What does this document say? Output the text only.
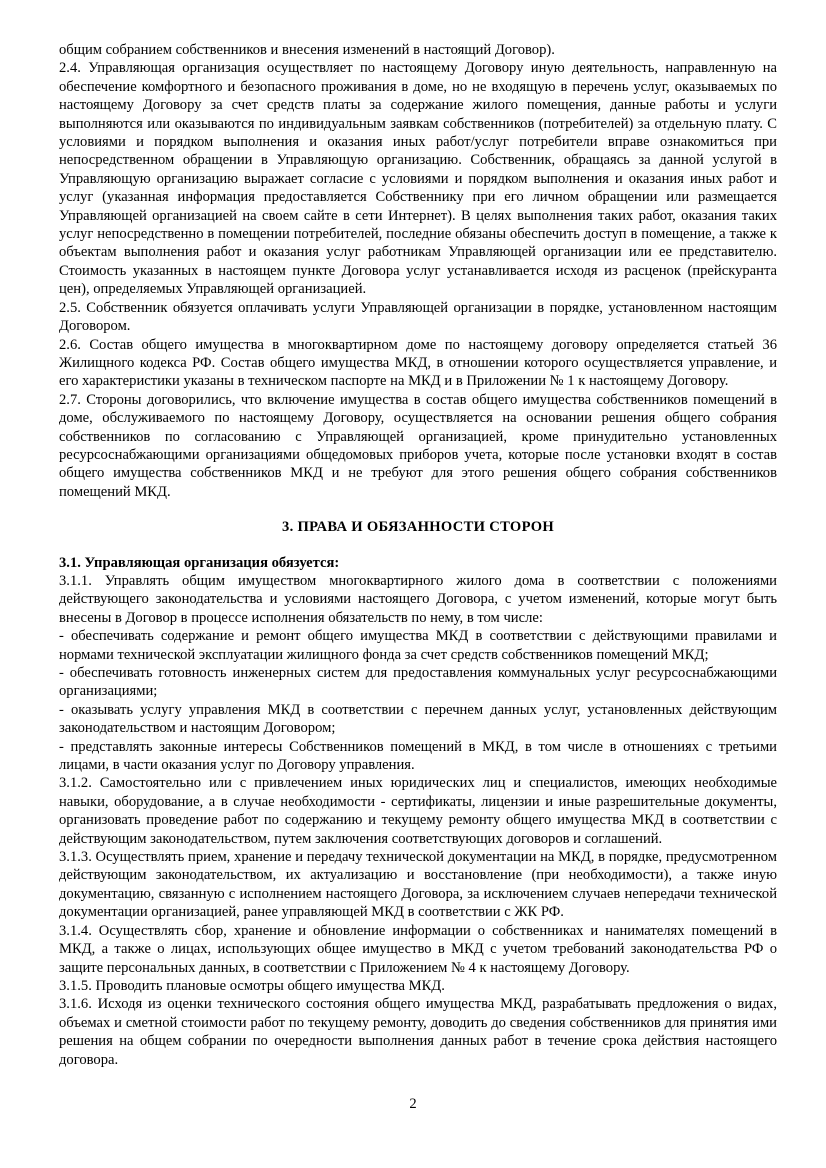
общим собранием собственников и внесения изменений в настоящий Договор).

2.4. Управляющая организация осуществляет по настоящему Договору иную деятельность, направленную на обеспечение комфортного и безопасного проживания в доме, но не входящую в перечень услуг, оказываемых по настоящему Договору за счет средств платы за содержание жилого помещения, данные работы и услуги выполняются или оказываются по индивидуальным заявкам собственников (потребителей) за отдельную плату. С условиями и порядком выполнения и оказания иных работ/услуг потребители вправе ознакомиться при непосредственном обращении в Управляющую организацию. Собственник, обращаясь за данной услугой в Управляющую организацию выражает согласие с условиями и порядком выполнения и оказания иных работ и услуг (указанная информация предоставляется Собственнику при его личном обращении или размещается Управляющей организацией на своем сайте в сети Интернет). В целях выполнения таких работ, оказания таких услуг непосредственно в помещении потребителей, последние обязаны обеспечить доступ в помещение, а также к объектам выполнения работ и оказания услуг работникам Управляющей организации или ее представителю. Стоимость указанных в настоящем пункте Договора услуг устанавливается исходя из расценок (прейскуранта цен), определяемых Управляющей организацией.

2.5. Собственник обязуется оплачивать услуги Управляющей организации в порядке, установленном настоящим Договором.

2.6. Состав общего имущества в многоквартирном доме по настоящему договору определяется статьей 36 Жилищного кодекса РФ. Состав общего имущества МКД, в отношении которого осуществляется управление, и его характеристики указаны в техническом паспорте на МКД и в Приложении № 1 к настоящему Договору.

2.7. Стороны договорились, что включение имущества в состав общего имущества собственников помещений в доме, обслуживаемого по настоящему Договору, осуществляется на основании решения общего собрания собственников по согласованию с Управляющей организацией, кроме принудительно установленных ресурсоснабжающими организациями общедомовых приборов учета, которые после установки входят в состав общего имущества собственников МКД и не требуют для этого решения общего собрания собственников помещений МКД.

3. ПРАВА И ОБЯЗАННОСТИ СТОРОН

3.1. Управляющая организация обязуется:

3.1.1. Управлять общим имуществом многоквартирного жилого дома в соответствии с положениями действующего законодательства и условиями настоящего Договора, с учетом изменений, которые могут быть внесены в Договор в процессе исполнения обязательств по нему, в том числе:

- обеспечивать содержание и ремонт общего имущества МКД в соответствии с действующими правилами и нормами технической эксплуатации жилищного фонда за счет средств собственников помещений МКД;

- обеспечивать готовность инженерных систем для предоставления коммунальных услуг ресурсоснабжающими организациями;

- оказывать услугу управления МКД в соответствии с перечнем данных услуг, установленных действующим законодательством и настоящим Договором;

- представлять законные интересы Собственников помещений в МКД, в том числе в отношениях с третьими лицами, в части оказания услуг по Договору управления.

3.1.2. Самостоятельно или с привлечением иных юридических лиц и специалистов, имеющих необходимые навыки, оборудование, а в случае необходимости - сертификаты, лицензии и иные разрешительные документы, организовать проведение работ по содержанию и текущему ремонту общего имущества МКД в соответствии с действующим законодательством, путем заключения соответствующих договоров и соглашений.

3.1.3. Осуществлять прием, хранение и передачу технической документации на МКД, в порядке, предусмотренном действующим законодательством, их актуализацию и восстановление (при необходимости), а также иную документацию, связанную с исполнением настоящего Договора, за исключением случаев непередачи технической документации организацией, ранее управляющей МКД в соответствии с ЖК РФ.

3.1.4. Осуществлять сбор, хранение и обновление информации о собственниках и нанимателях помещений в МКД, а также о лицах, использующих общее имущество в МКД с учетом требований законодательства РФ о защите персональных данных, в соответствии с Приложением № 4 к настоящему Договору.

3.1.5. Проводить плановые осмотры общего имущества МКД.

3.1.6. Исходя из оценки технического состояния общего имущества МКД, разрабатывать предложения о видах, объемах и сметной стоимости работ по текущему ремонту, доводить до сведения собственников для принятия ими решения на общем собрании по очередности выполнения данных работ в течение срока действия настоящего договора.

2
